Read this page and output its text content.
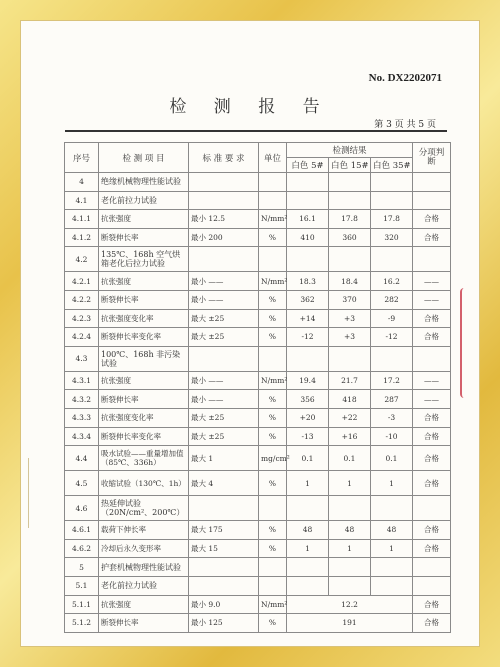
No. DX2202071
检 测 报 告
第 3 页 共 5 页
序号	检 测 项 目	标 准 要 求	单位	检测结果			分项判断
				白色 5#	白色 15#	白色 35#	
4	绝缘机械物理性能试验						
4.1	老化前拉力试验						
4.1.1	抗张强度	最小 12.5	N/mm²	16.1	17.8	17.8	合格
4.1.2	断裂伸长率	最小 200	%	410	360	320	合格
4.2	135℃、168h 空气烘箱老化后拉力试验						
4.2.1	抗张强度	最小 ——	N/mm²	18.3	18.4	16.2	——
4.2.2	断裂伸长率	最小 ——	%	362	370	282	——
4.2.3	抗张强度变化率	最大 ±25	%	+14	+3	-9	合格
4.2.4	断裂伸长率变化率	最大 ±25	%	-12	+3	-12	合格
4.3	100℃、168h 非污染试验						
4.3.1	抗张强度	最小 ——	N/mm²	19.4	21.7	17.2	——
4.3.2	断裂伸长率	最小 ——	%	356	418	287	——
4.3.3	抗张强度变化率	最大 ±25	%	+20	+22	-3	合格
4.3.4	断裂伸长率变化率	最大 ±25	%	-13	+16	-10	合格
4.4	吸水试验——重量增加值（85℃、336h）	最大 1	mg/cm²	0.1	0.1	0.1	合格
4.5	收缩试验（130℃、1h）	最大 4	%	1	1	1	合格
4.6	热延伸试验（20N/cm²、200℃）						
4.6.1	载荷下伸长率	最大 175	%	48	48	48	合格
4.6.2	冷却后永久变形率	最大 15	%	1	1	1	合格
5	护套机械物理性能试验						
5.1	老化前拉力试验						
5.1.1	抗张强度	最小 9.0	N/mm²	12.2			合格
5.1.2	断裂伸长率	最小 125	%	191			合格
